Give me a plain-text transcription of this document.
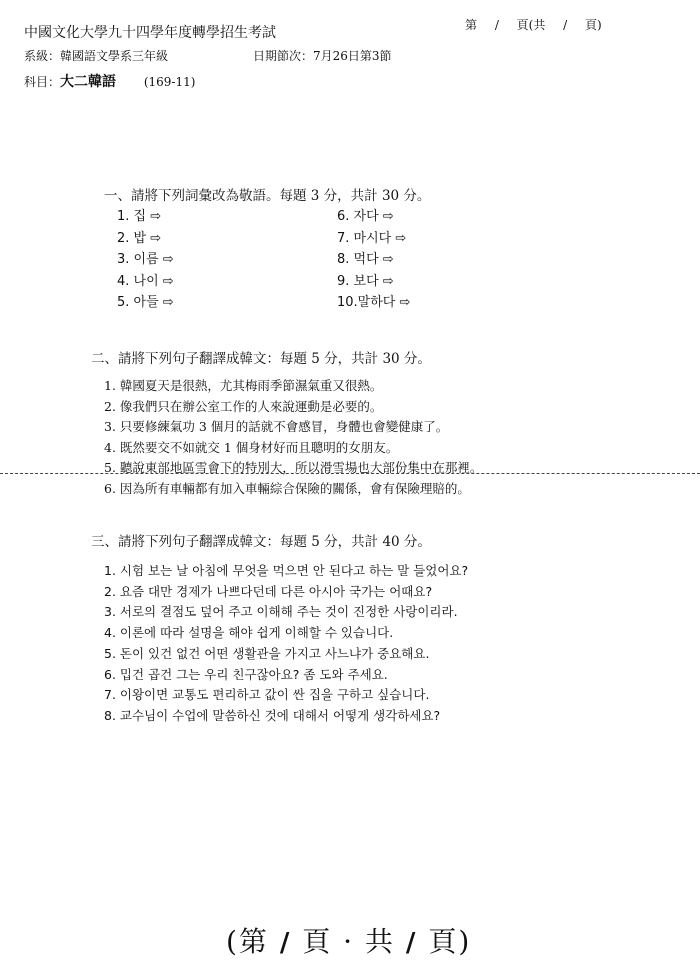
中國文化大學九十四學年度轉學招生考試	第 / 頁(共 / 頁)
系級：韓國語文學系三年級	日期節次：7月26日第3節
科目：大二韓語 (169-11)
一、請將下列詞彙改為敬語。每題 3 分，共計 30 分。
1. 집 ⇨
2. 밥 ⇨
3. 이름 ⇨
4. 나이 ⇨
5. 아들 ⇨
6. 자다 ⇨
7. 마시다 ⇨
8. 먹다 ⇨
9. 보다 ⇨
10.말하다 ⇨
二、請將下列句子翻譯成韓文：每題 5 分，共計 30 分。
1. 韓國夏天是很熱，尤其梅雨季節濕氣重又很熱。
2. 像我們只在辦公室工作的人來說運動是必要的。
3. 只要修練氣功 3 個月的話就不會感冒，身體也會變健康了。
4. 既然要交不如就交 1 個身材好而且聰明的女朋友。
5. 聽說東部地區雪會下的特別大，所以滑雪場也大部份集中在那裡。
6. 因為所有車輛都有加入車輛綜合保險的關係，會有保險理賠的。
三、請將下列句子翻譯成韓文：每題 5 分，共計 40 分。
1. 시험 보는 날 아침에 무엇을 먹으면 안 된다고 하는 말 들었어요?
2. 요즘 대만 경제가 나쁘다던데 다른 아시아 국가는 어때요?
3. 서로의 결점도 덮어 주고 이해해 주는 것이 진정한 사랑이리라.
4. 이론에 따라 설명을 해야 쉽게 이해할 수 있습니다.
5. 돈이 있건 없건 어떤 생활관을 가지고 사느냐가 중요해요.
6. 밉건 곱건 그는 우리 친구잖아요? 좀 도와 주세요.
7. 이왕이면 교통도 편리하고 값이 싼 집을 구하고 싶습니다.
8. 교수님이 수업에 말씀하신 것에 대해서 어떻게 생각하세요?
(第 / 頁 · 共 / 頁)
